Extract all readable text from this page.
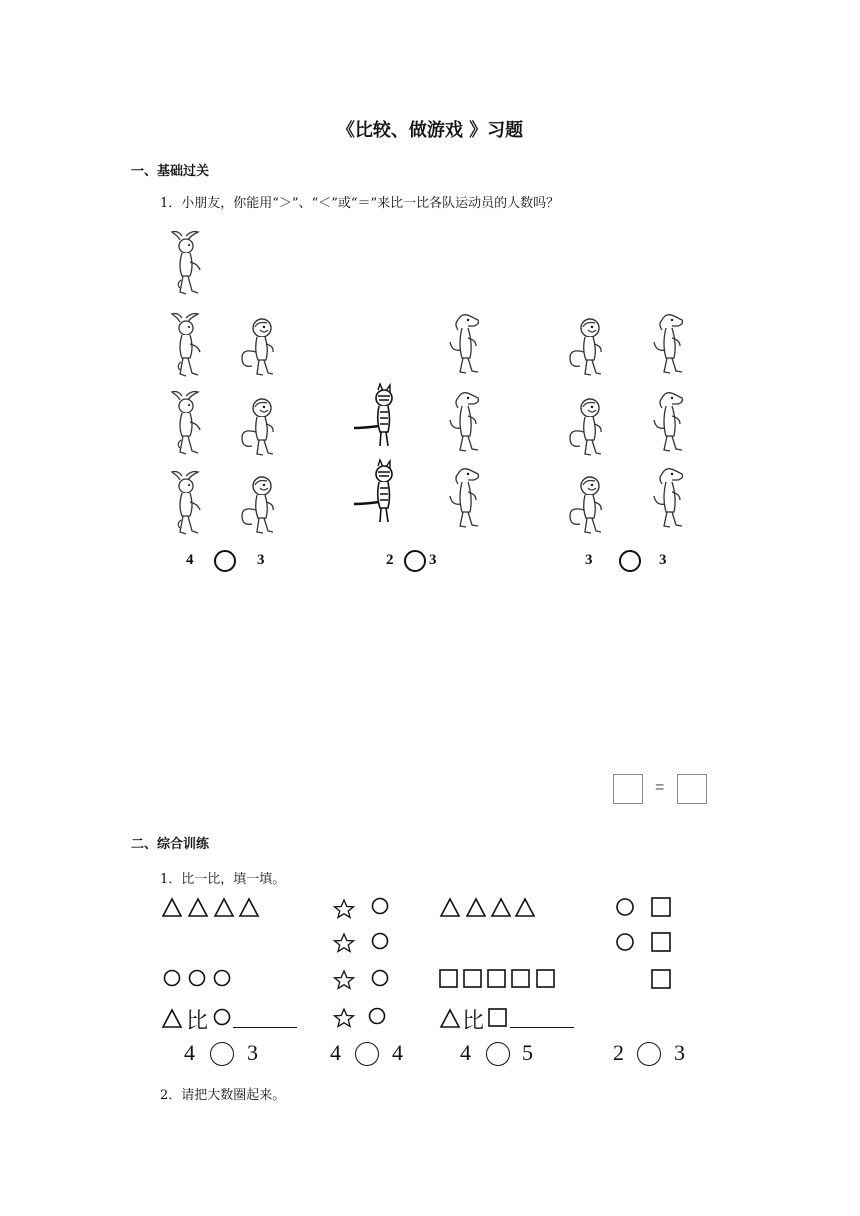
《比较、做游戏 》习题
一、基础过关
1．小朋友，你能用“＞”、“＜”或“＝”来比一比各队运动员的人数吗？
4	3	2 3	3	3
=
二、综合训练
1．比一比，填一填。
比	比
4 3	4 4	4 5	2 3
2．请把大数圈起来。
